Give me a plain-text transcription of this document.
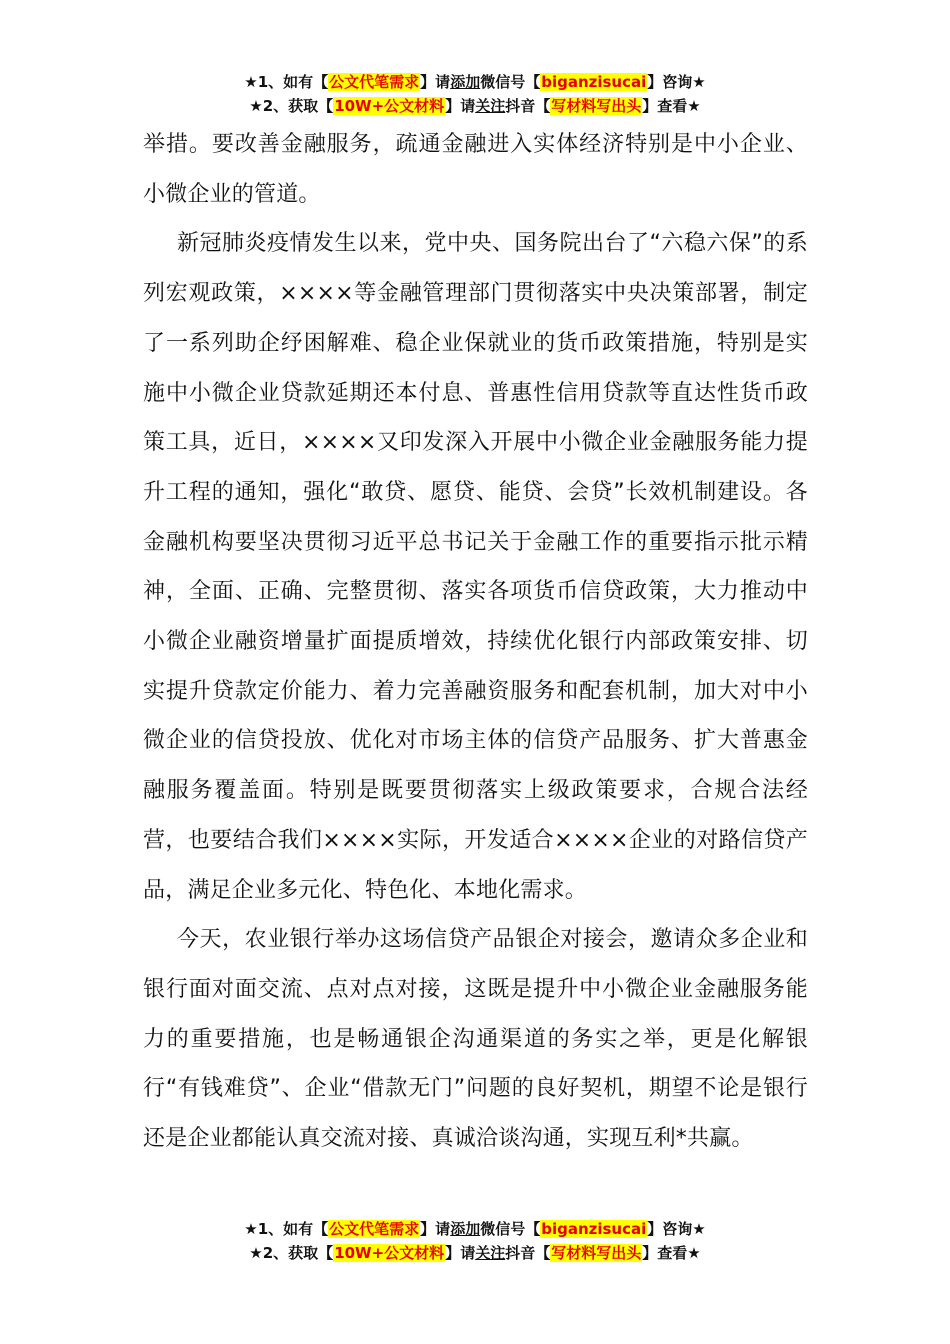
★1、如有【公文代笔需求】请添加微信号【biganzisucai】咨询★
★2、获取【10W+公文材料】请关注抖音【写材料写出头】查看★

举措。要改善金融服务，疏通金融进入实体经济特别是中小企业、小微企业的管道。

新冠肺炎疫情发生以来，党中央、国务院出台了“六稳六保”的系列宏观政策，××××等金融管理部门贯彻落实中央决策部署，制定了一系列助企纾困解难、稳企业保就业的货币政策措施，特别是实施中小微企业贷款延期还本付息、普惠性信用贷款等直达性货币政策工具，近日，××××又印发深入开展中小微企业金融服务能力提升工程的通知，强化“敢贷、愿贷、能贷、会贷”长效机制建设。各金融机构要坚决贯彻习近平总书记关于金融工作的重要指示批示精神，全面、正确、完整贯彻、落实各项货币信贷政策，大力推动中小微企业融资增量扩面提质增效，持续优化银行内部政策安排、切实提升贷款定价能力、着力完善融资服务和配套机制，加大对中小微企业的信贷投放、优化对市场主体的信贷产品服务、扩大普惠金融服务覆盖面。特别是既要贯彻落实上级政策要求，合规合法经营，也要结合我们××××实际，开发适合××××企业的对路信贷产品，满足企业多元化、特色化、本地化需求。

今天，农业银行举办这场信贷产品银企对接会，邀请众多企业和银行面对面交流、点对点对接，这既是提升中小微企业金融服务能力的重要措施，也是畅通银企沟通渠道的务实之举，更是化解银行“有钱难贷”、企业“借款无门”问题的良好契机，期望不论是银行还是企业都能认真交流对接、真诚洽谈沟通，实现互利*共赢。

★1、如有【公文代笔需求】请添加微信号【biganzisucai】咨询★
★2、获取【10W+公文材料】请关注抖音【写材料写出头】查看★
